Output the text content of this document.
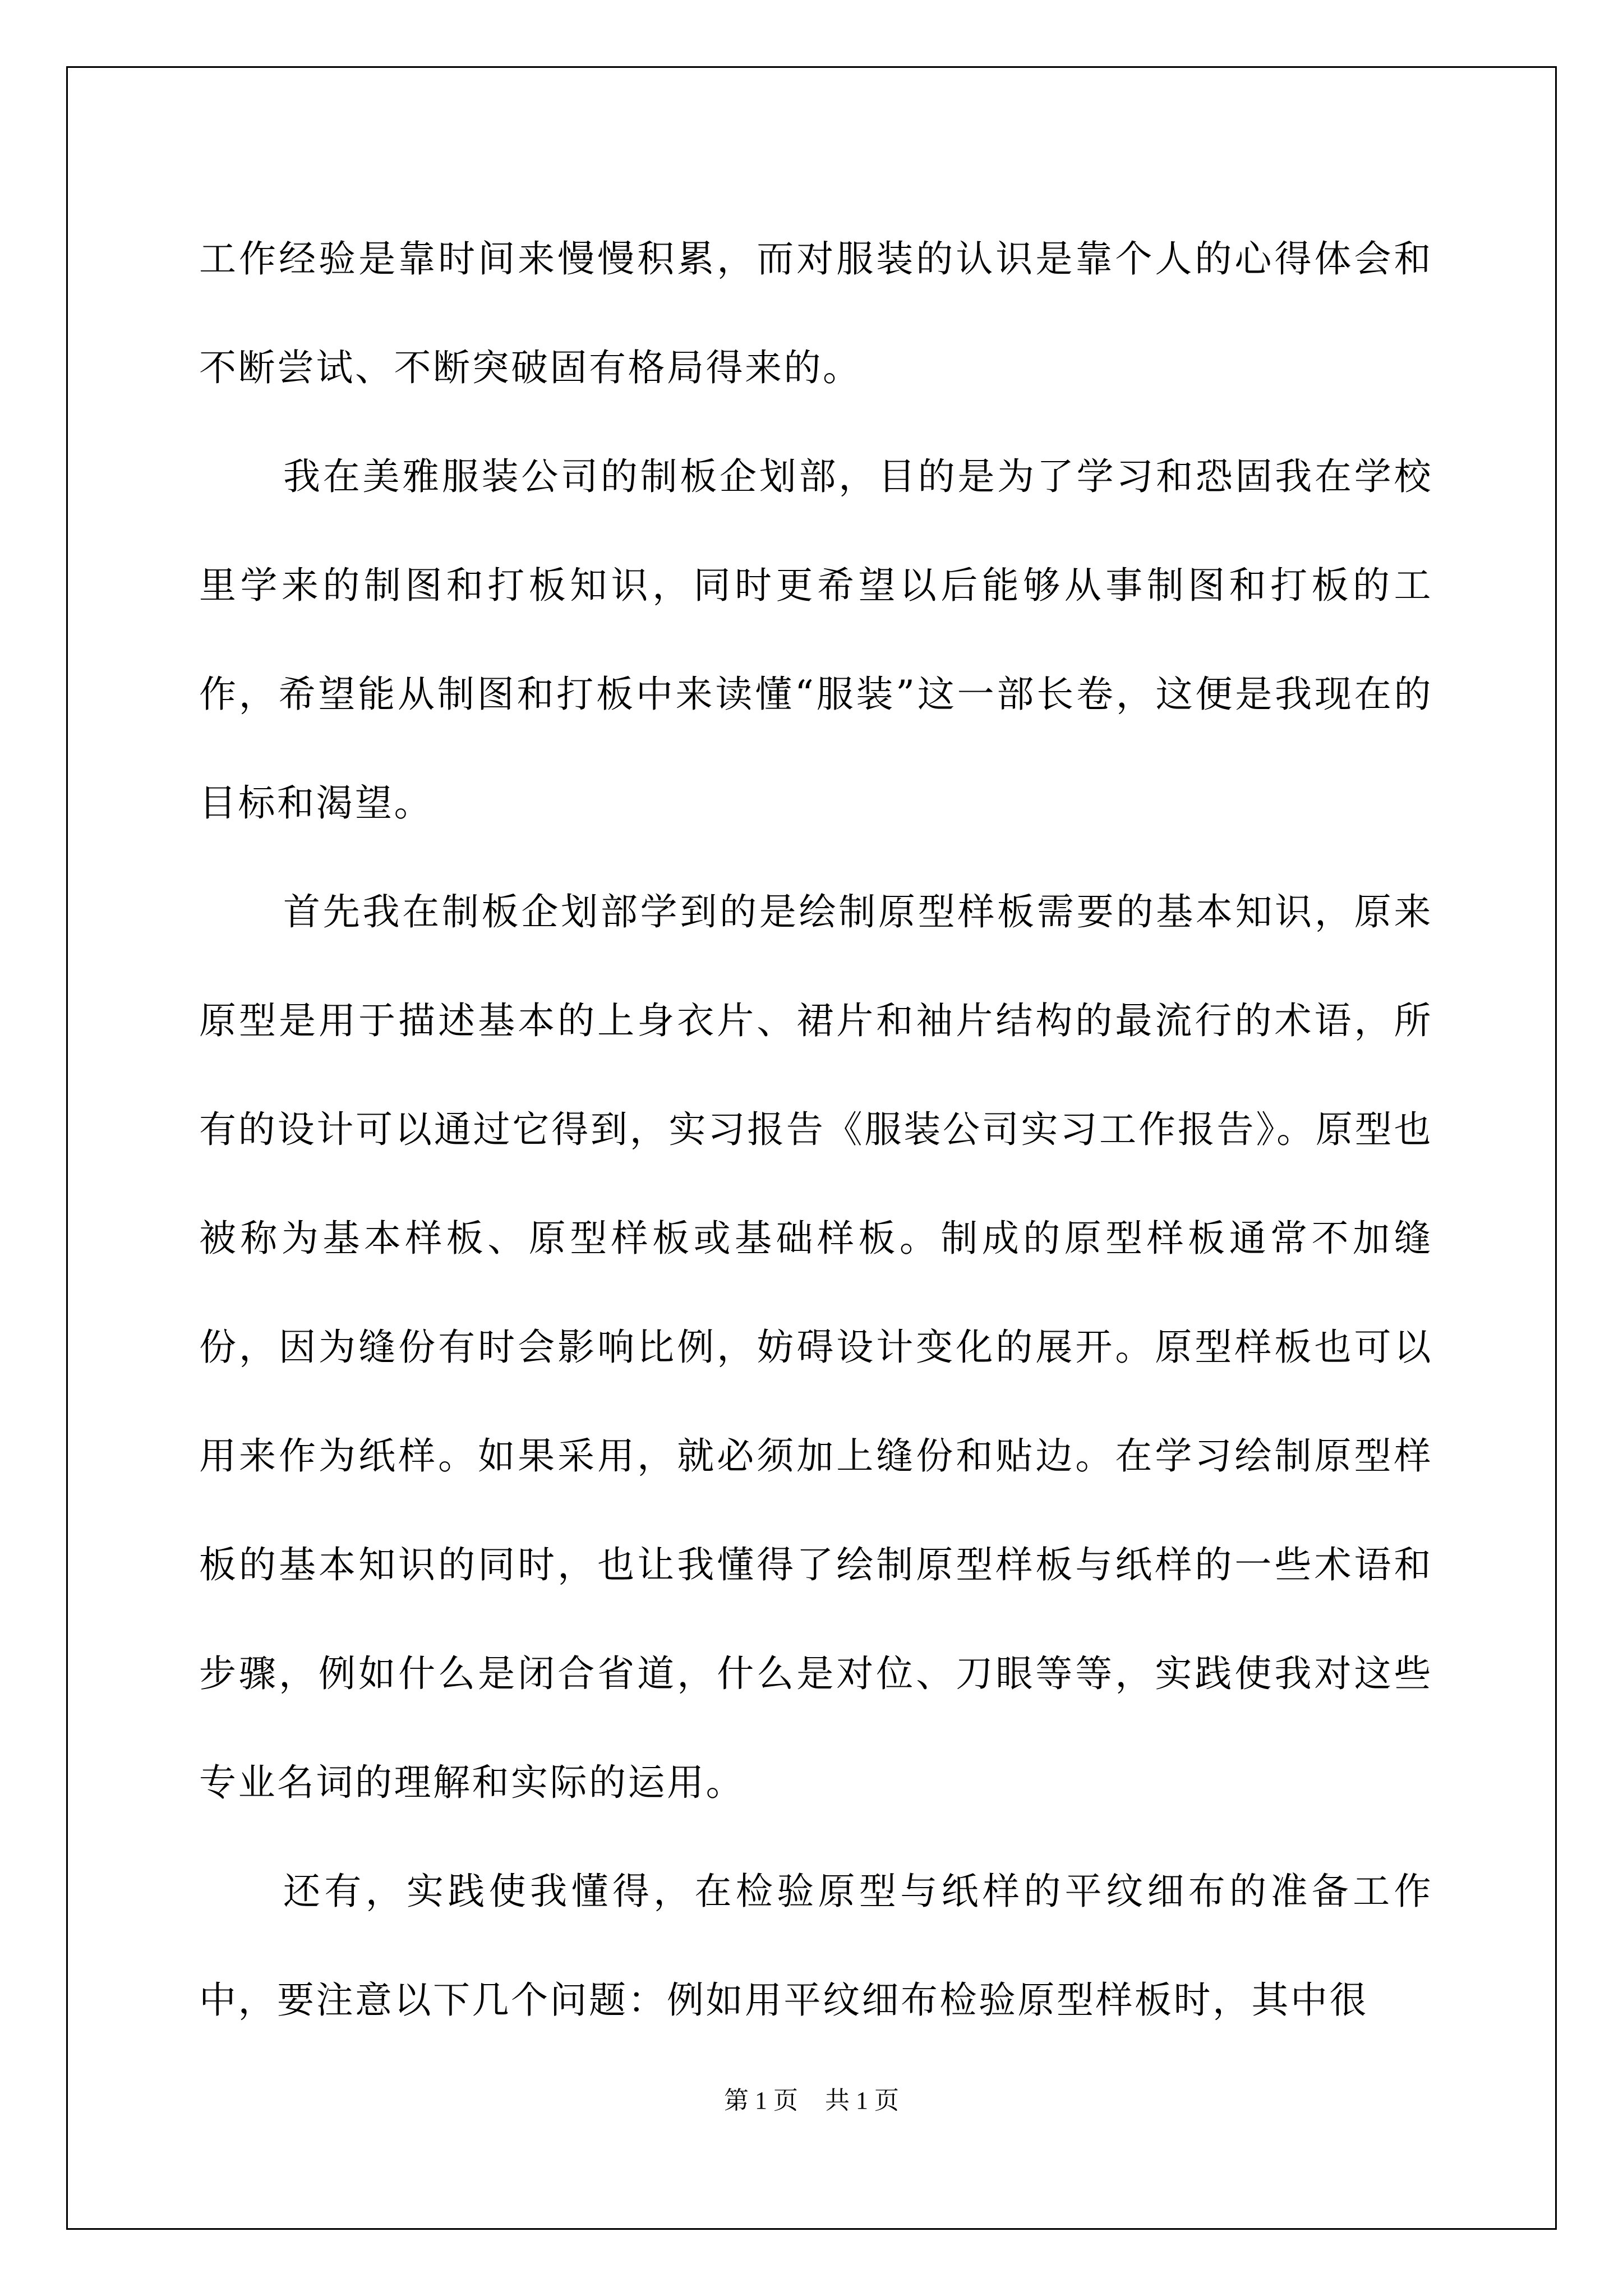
工作经验是靠时间来慢慢积累，而对服装的认识是靠个人的心得体会和不断尝试、不断突破固有格局得来的。

我在美雅服装公司的制板企划部，目的是为了学习和恐固我在学校里学来的制图和打板知识，同时更希望以后能够从事制图和打板的工作，希望能从制图和打板中来读懂“服装”这一部长卷，这便是我现在的目标和渴望。

首先我在制板企划部学到的是绘制原型样板需要的基本知识，原来原型是用于描述基本的上身衣片、裙片和袖片结构的最流行的术语，所有的设计可以通过它得到，实习报告《服装公司实习工作报告》。原型也被称为基本样板、原型样板或基础样板。制成的原型样板通常不加缝份，因为缝份有时会影响比例，妨碍设计变化的展开。原型样板也可以用来作为纸样。如果采用，就必须加上缝份和贴边。在学习绘制原型样板的基本知识的同时，也让我懂得了绘制原型样板与纸样的一些术语和步骤，例如什么是闭合省道，什么是对位、刀眼等等，实践使我对这些专业名词的理解和实际的运用。

还有，实践使我懂得，在检验原型与纸样的平纹细布的准备工作中，要注意以下几个问题：例如用平纹细布检验原型样板时，其中很

第 1 页 共 1 页
